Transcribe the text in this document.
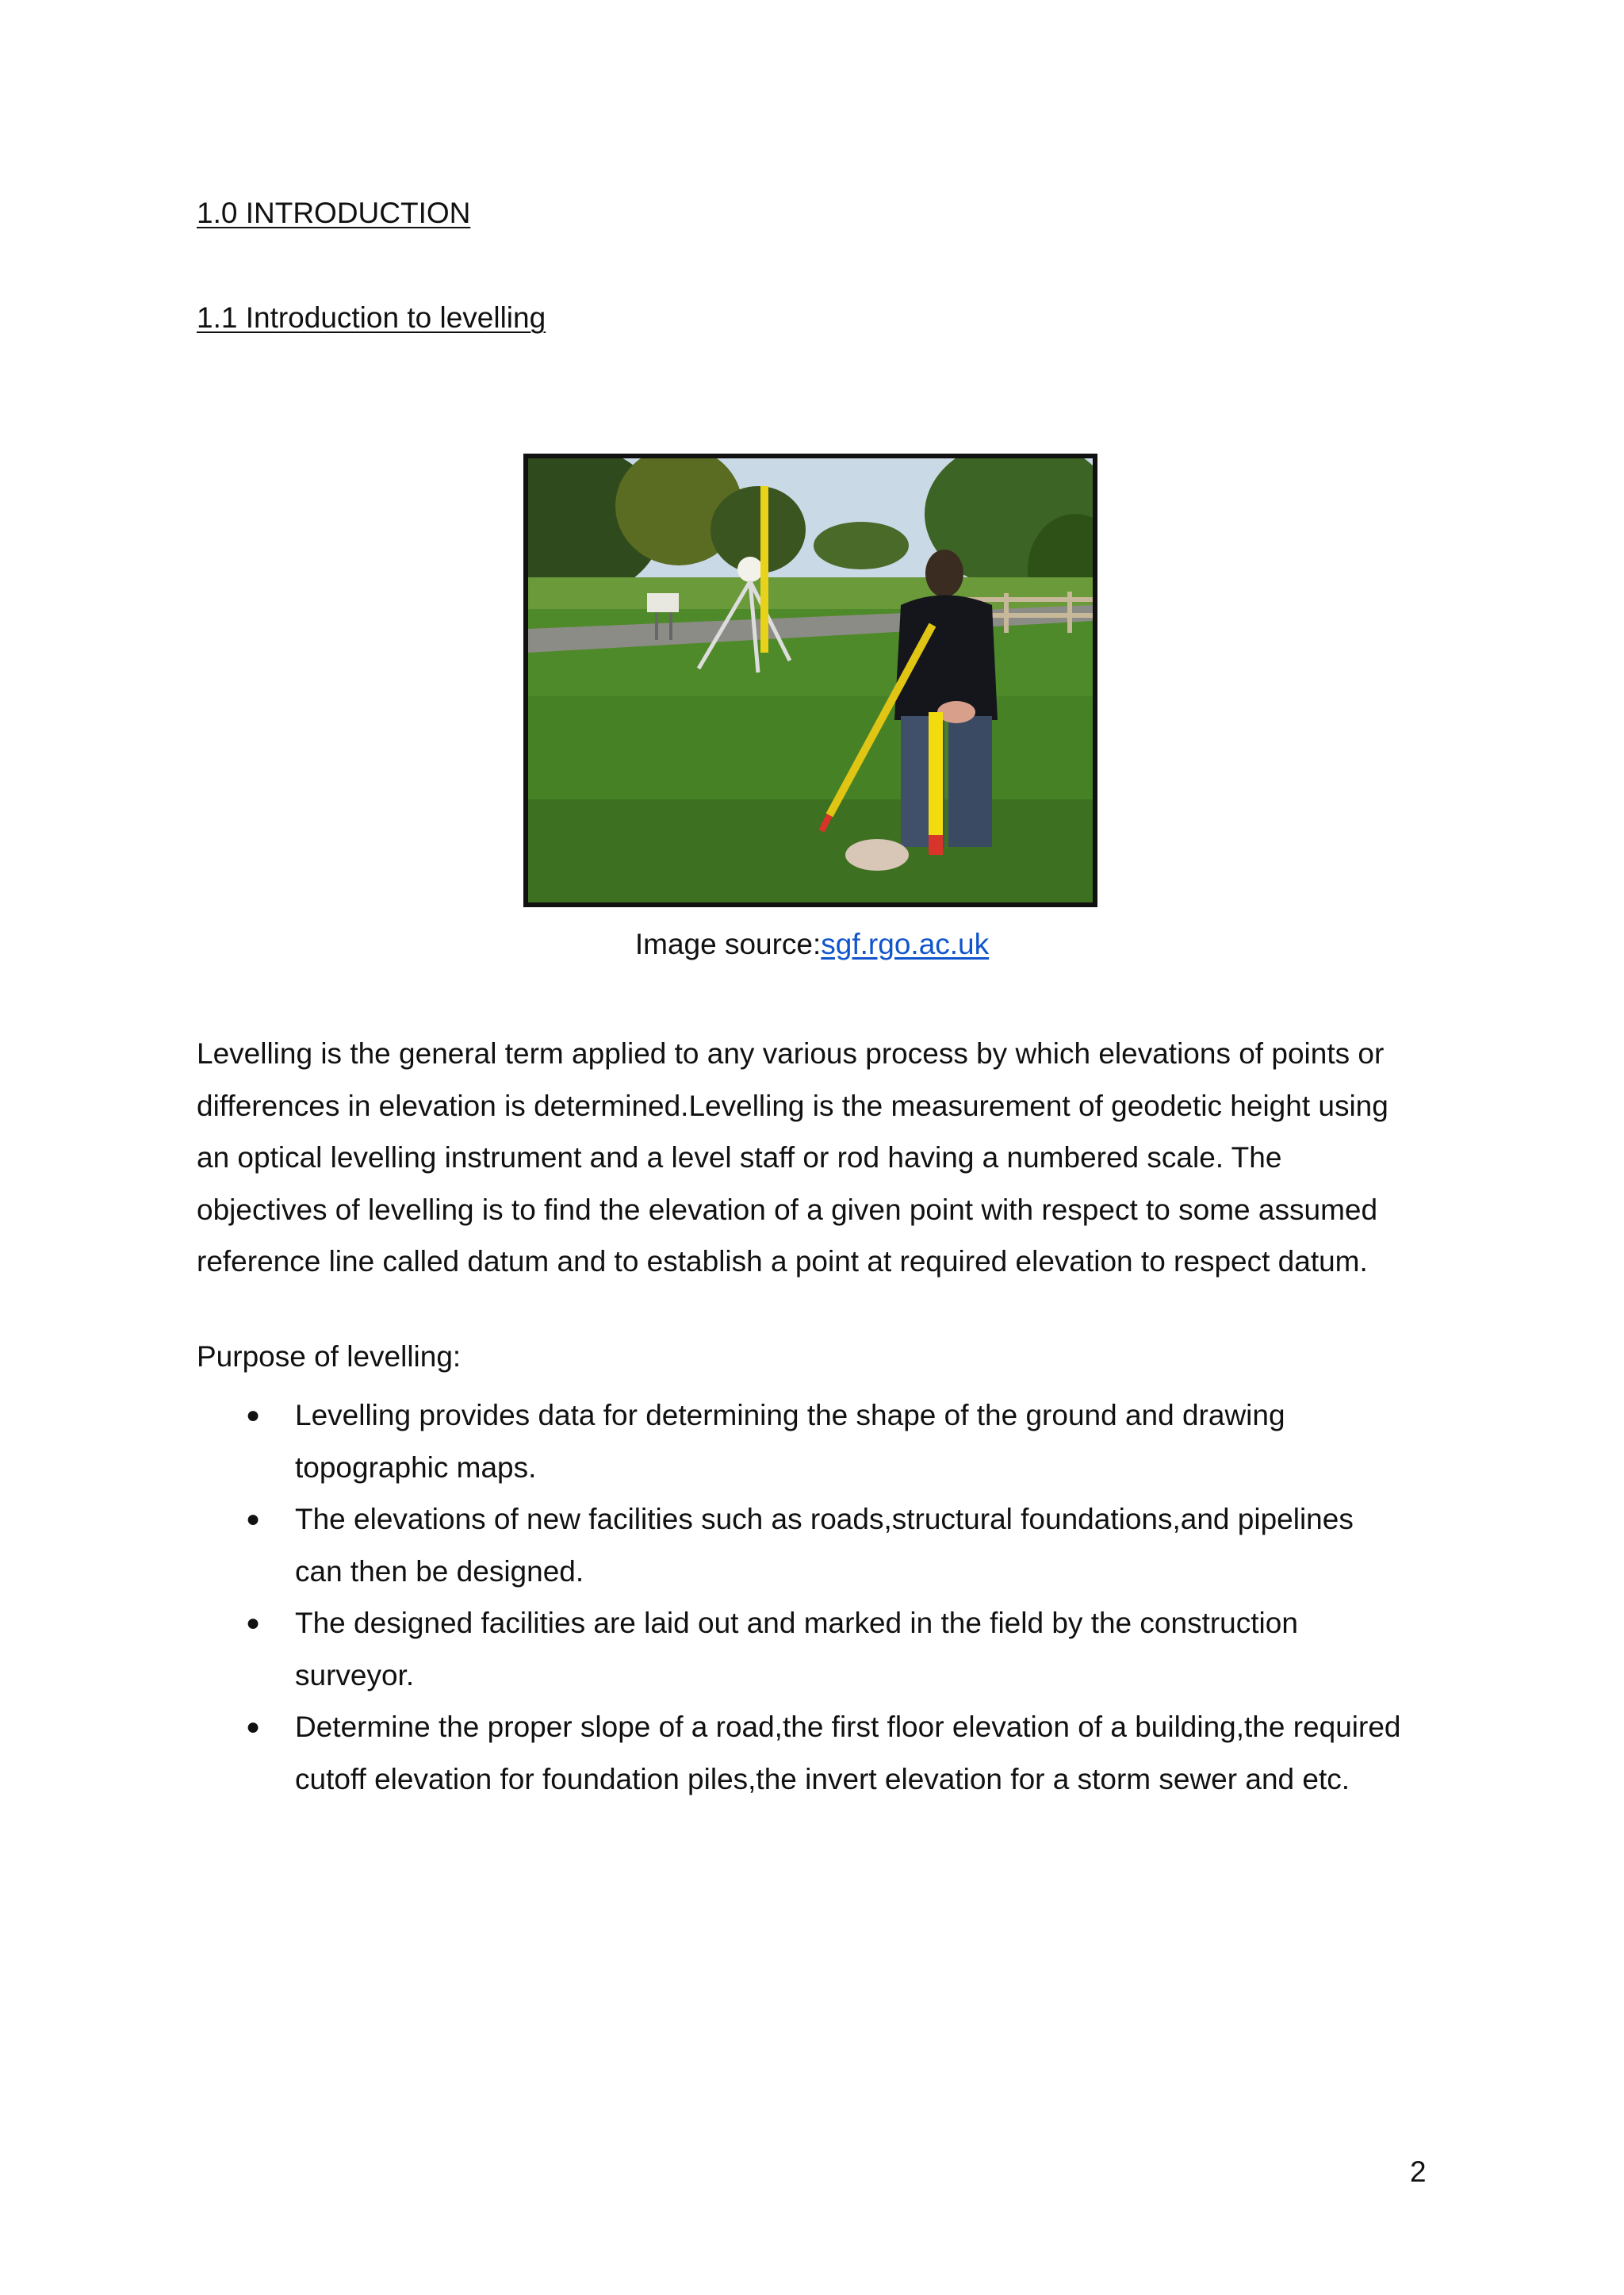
1.0 INTRODUCTION
1.1 Introduction to levelling
Image source:sgf.rgo.ac.uk
Levelling is the general term applied to any various process by which elevations of points or
differences in elevation is determined.Levelling is the measurement of geodetic height using
an optical levelling instrument and a level staff or rod having a numbered scale. The
objectives of levelling is to find the elevation of a given point with respect to some assumed
reference line called datum and to establish a point at required elevation to respect datum.
Purpose of levelling:
● Levelling provides data for determining the shape of the ground and drawing
topographic maps.
● The elevations of new facilities such as roads,structural foundations,and pipelines
can then be designed.
● The designed facilities are laid out and marked in the field by the construction
surveyor.
● Determine the proper slope of a road,the first floor elevation of a building,the required
cutoff elevation for foundation piles,the invert elevation for a storm sewer and etc.
2
